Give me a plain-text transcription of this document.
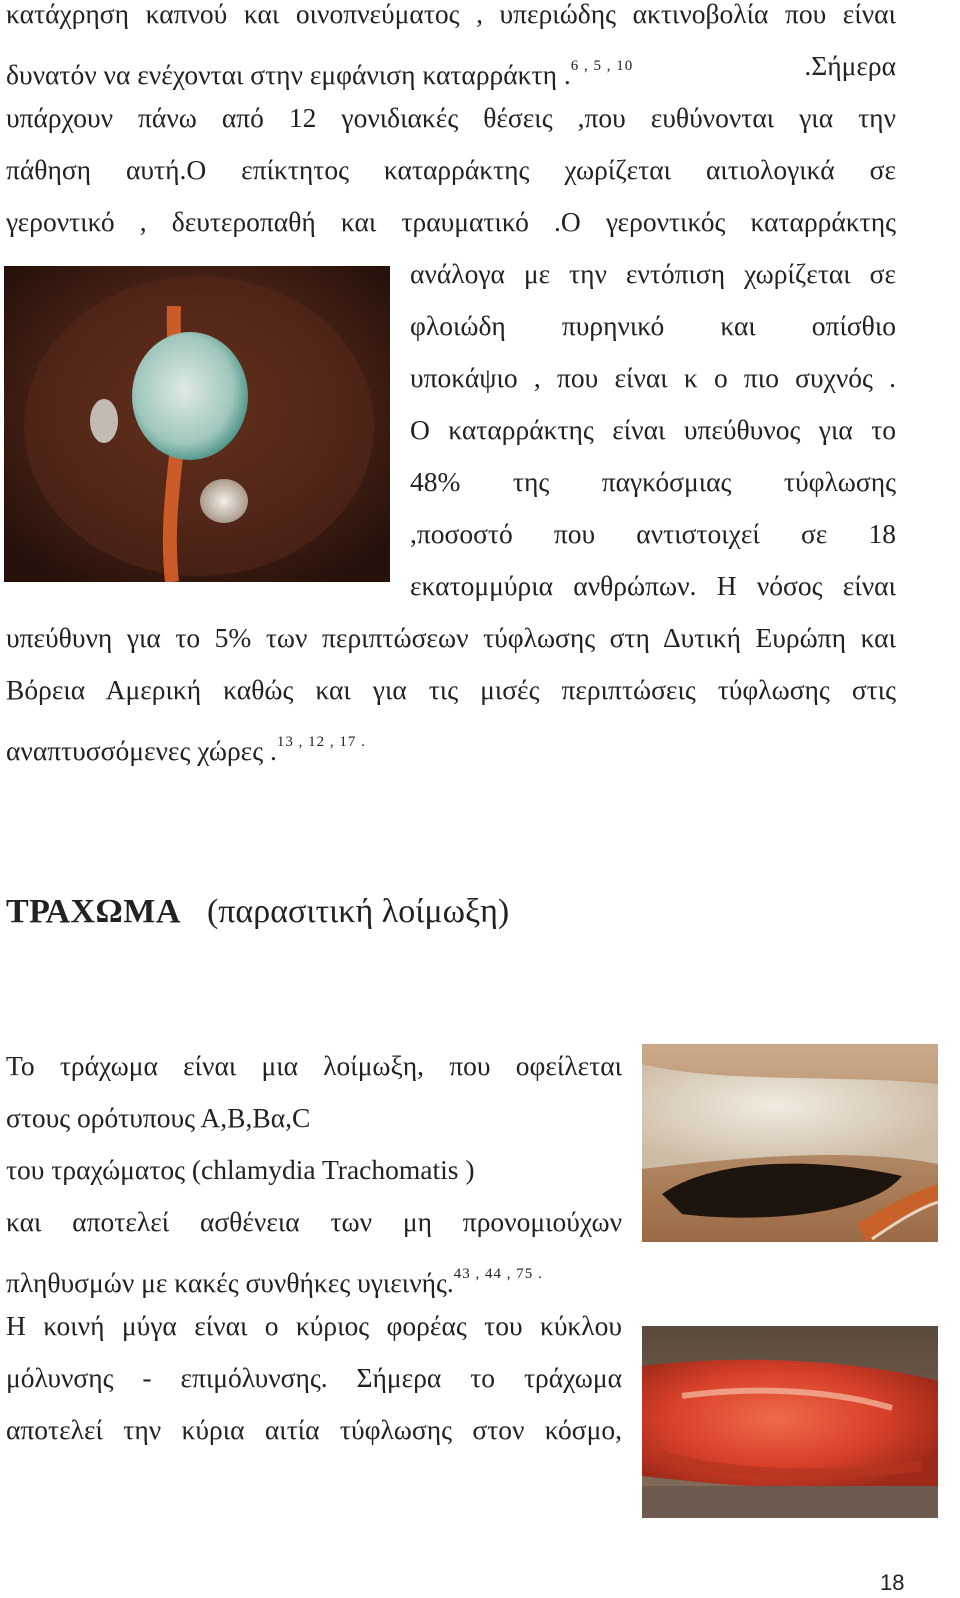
κατάχρηση καπνού και οινοπνεύματος , υπεριώδης ακτινοβολία που είναι
δυνατόν να ενέχονται στην εμφάνιση καταρράκτη .$^{6 , 5 , 10}$	.Σήμερα
υπάρχουν πάνω από 12 γονιδιακές θέσεις ,που ευθύνονται για την
πάθηση αυτή.Ο επίκτητος καταρράκτης χωρίζεται αιτιολογικά σε
γεροντικό , δευτεροπαθή και τραυματικό .Ο γεροντικός καταρράκτης
ανάλογα με την εντόπιση χωρίζεται σε
φλοιώδη πυρηνικό και οπίσθιο
υποκάψιο , που είναι κ ο πιο συχνός .
Ο καταρράκτης είναι υπεύθυνος για το
48% της παγκόσμιας τύφλωσης
,ποσοστό που αντιστοιχεί σε 18
εκατομμύρια ανθρώπων. Η νόσος είναι
υπεύθυνη για το 5% των περιπτώσεων τύφλωσης στη Δυτική Ευρώπη και
Βόρεια Αμερική καθώς και για τις μισές περιπτώσεις τύφλωσης στις
αναπτυσσόμενες χώρες .$^{13 , 12 , 17 .}$
ΤΡΑΧΩΜΑ (παρασιτική λοίμωξη)
Το τράχωμα είναι μια λοίμωξη, που οφείλεται
στους ορότυπους Α,Β,Βα,C
του τραχώματος (chlamydia Trachomatis )
και αποτελεί ασθένεια των μη προνομιούχων
πληθυσμών με κακές συνθήκες υγιεινής.$^{43 , 44 , 75 .}$
Η κοινή μύγα είναι ο κύριος φορέας του κύκλου
μόλυνσης - επιμόλυνσης. Σήμερα το τράχωμα
αποτελεί την κύρια αιτία τύφλωσης στον κόσμο,
18
